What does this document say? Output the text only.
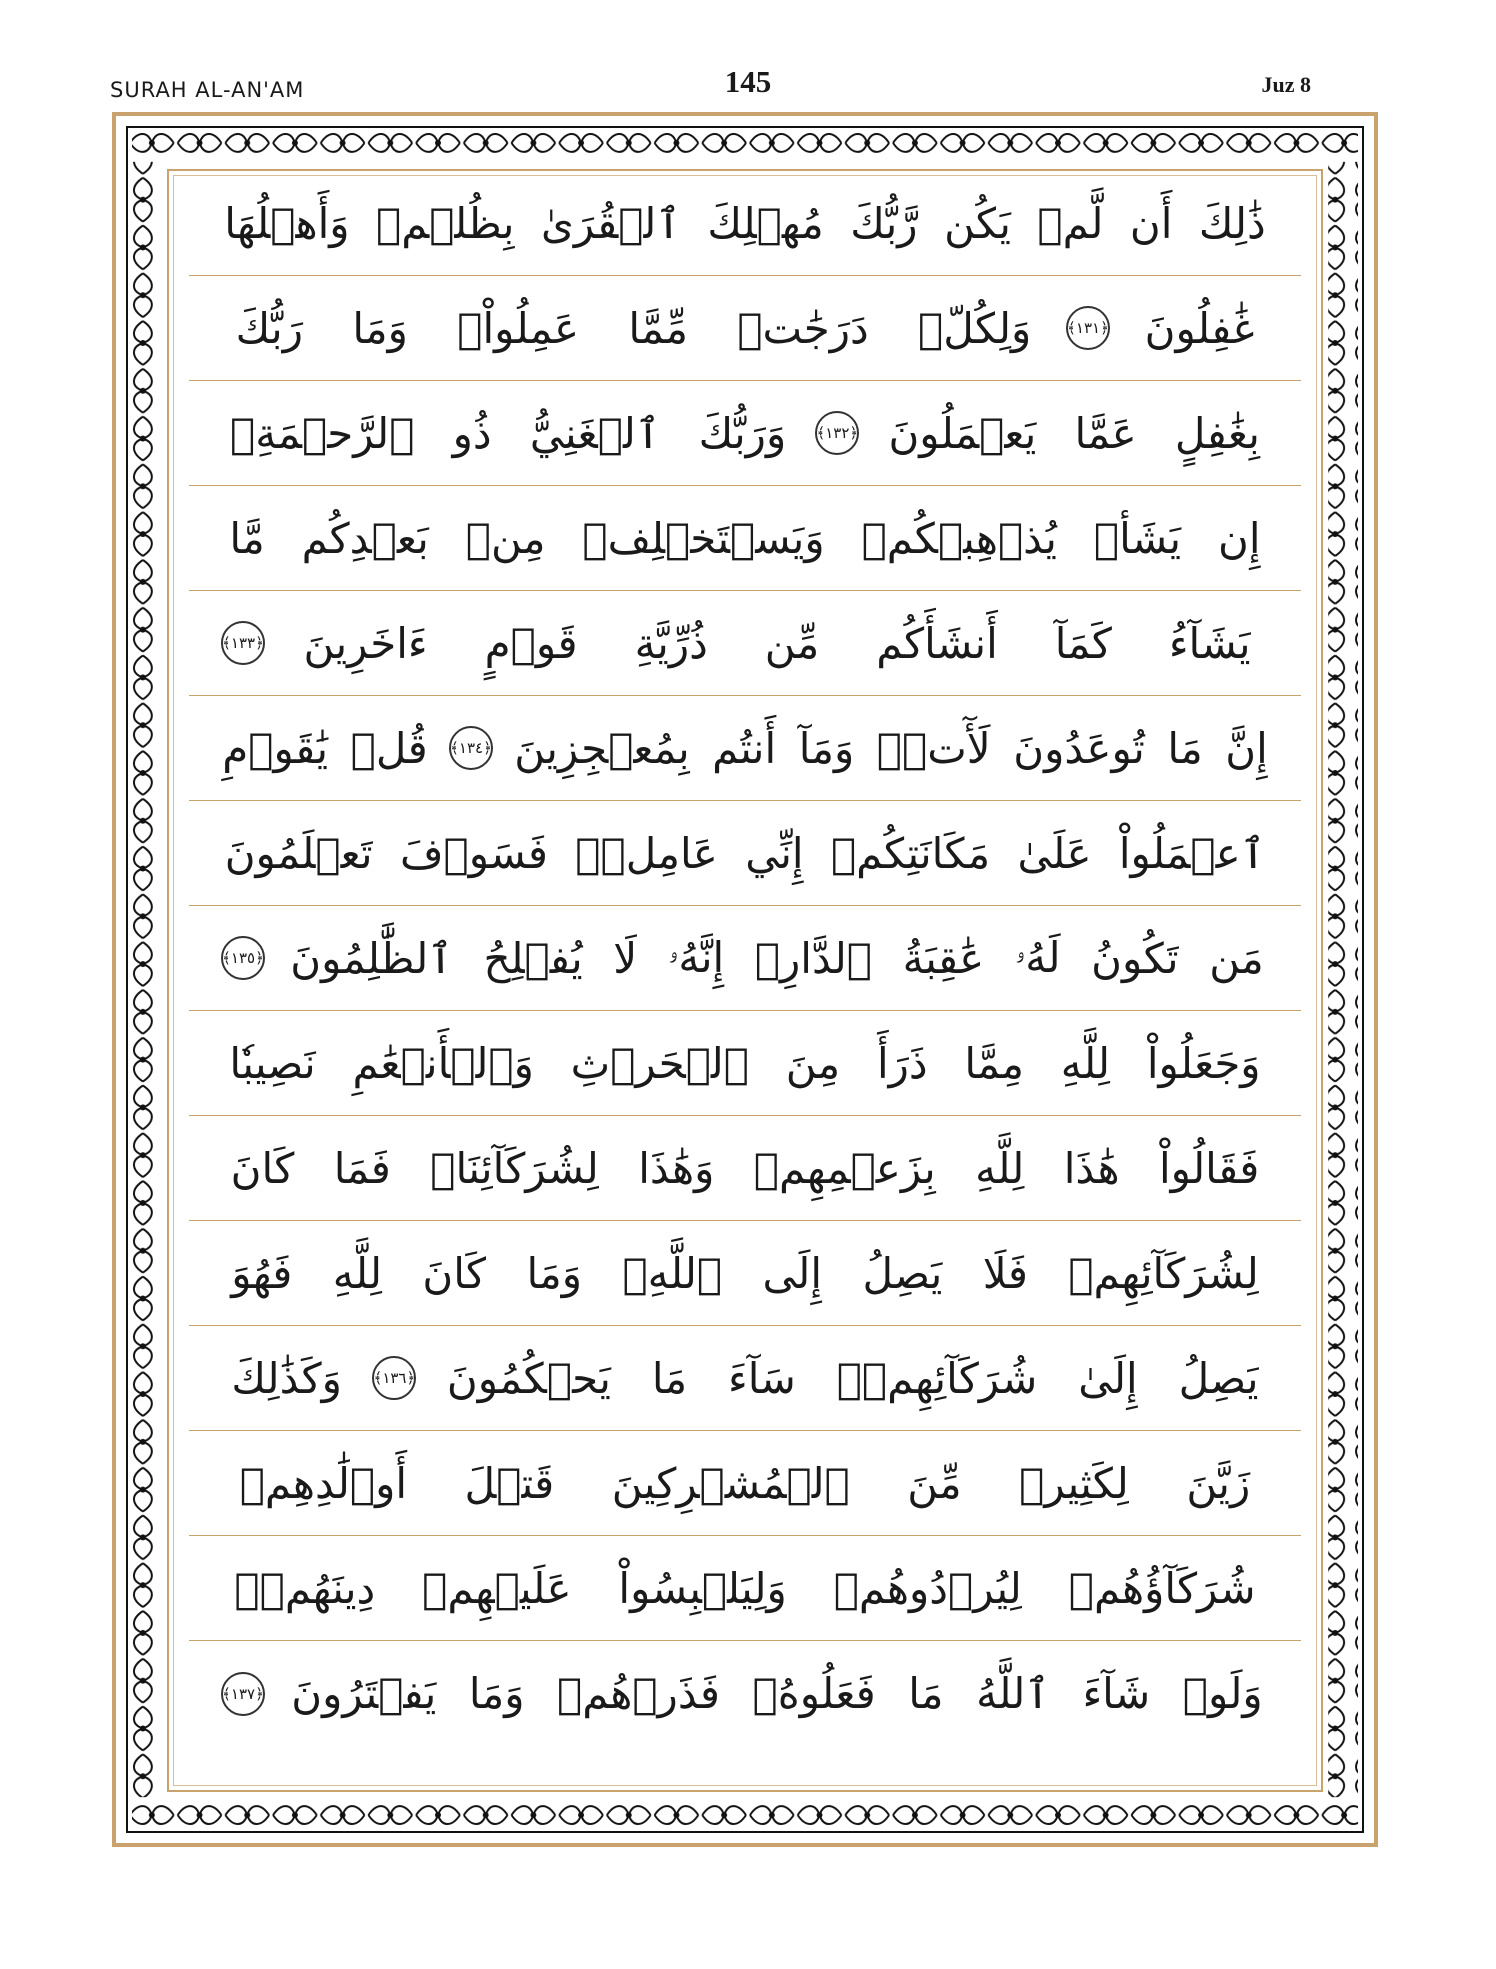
SURAH AL-AN'AM	145	Juz 8
ذَٰلِكَ
أَن
لَّمۡ
يَكُن
رَّبُّكَ
مُهۡلِكَ
ٱلۡقُرَىٰ
بِظُلۡمٖ
وَأَهۡلُهَا
غَٰفِلُونَ
﴿١٣١﴾
وَلِكُلّٖ
دَرَجَٰتٞ
مِّمَّا
عَمِلُواْۚ
وَمَا
رَبُّكَ
بِغَٰفِلٍ
عَمَّا
يَعۡمَلُونَ
﴿١٣٢﴾
وَرَبُّكَ
ٱلۡغَنِيُّ
ذُو
ٱلرَّحۡمَةِۚ
إِن
يَشَأۡ
يُذۡهِبۡكُمۡ
وَيَسۡتَخۡلِفۡ
مِنۢ
بَعۡدِكُم
مَّا
يَشَآءُ
كَمَآ
أَنشَأَكُم
مِّن
ذُرِّيَّةِ
قَوۡمٍ
ءَاخَرِينَ
﴿١٣٣﴾
إِنَّ
مَا
تُوعَدُونَ
لَأٓتٖۖ
وَمَآ
أَنتُم
بِمُعۡجِزِينَ
﴿١٣٤﴾
قُلۡ
يَٰقَوۡمِ
ٱعۡمَلُواْ
عَلَىٰ
مَكَانَتِكُمۡ
إِنِّي
عَامِلٞۖ
فَسَوۡفَ
تَعۡلَمُونَ
مَن
تَكُونُ
لَهُۥ
عَٰقِبَةُ
ٱلدَّارِۚ
إِنَّهُۥ
لَا
يُفۡلِحُ
ٱلظَّٰلِمُونَ
﴿١٣٥﴾
وَجَعَلُواْ
لِلَّهِ
مِمَّا
ذَرَأَ
مِنَ
ٱلۡحَرۡثِ
وَٱلۡأَنۡعَٰمِ
نَصِيبٗا
فَقَالُواْ
هَٰذَا
لِلَّهِ
بِزَعۡمِهِمۡ
وَهَٰذَا
لِشُرَكَآئِنَاۖ
فَمَا
كَانَ
لِشُرَكَآئِهِمۡ
فَلَا
يَصِلُ
إِلَى
ٱللَّهِۖ
وَمَا
كَانَ
لِلَّهِ
فَهُوَ
يَصِلُ
إِلَىٰ
شُرَكَآئِهِمۡۗ
سَآءَ
مَا
يَحۡكُمُونَ
﴿١٣٦﴾
وَكَذَٰلِكَ
زَيَّنَ
لِكَثِيرٖ
مِّنَ
ٱلۡمُشۡرِكِينَ
قَتۡلَ
أَوۡلَٰدِهِمۡ
شُرَكَآؤُهُمۡ
لِيُرۡدُوهُمۡ
وَلِيَلۡبِسُواْ
عَلَيۡهِمۡ
دِينَهُمۡۖ
وَلَوۡ
شَآءَ
ٱللَّهُ
مَا
فَعَلُوهُۖ
فَذَرۡهُمۡ
وَمَا
يَفۡتَرُونَ
﴿١٣٧﴾
